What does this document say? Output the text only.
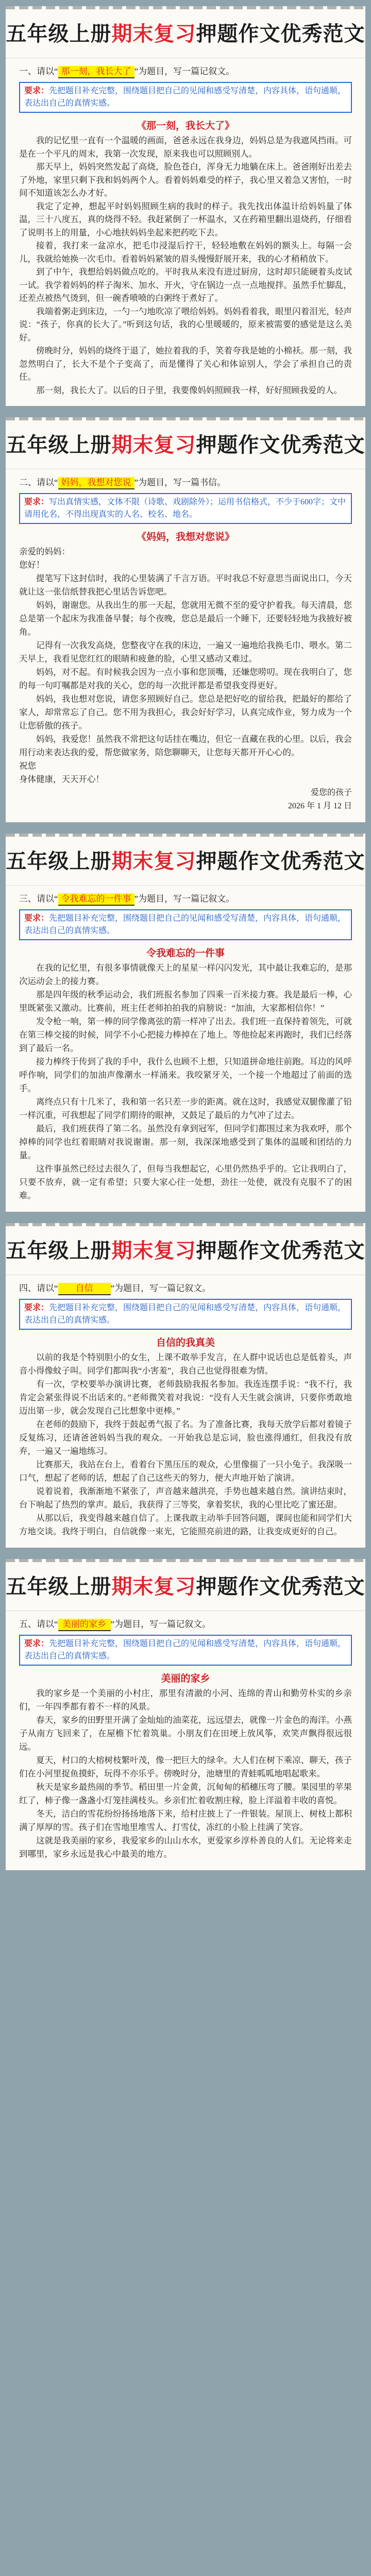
五年级上册 期末复习 押题作文优秀范文
一、请以“ 那一刻，我长大了 ”为题目，写一篇记叙文。
要求：先把题目补充完整，围绕题目把自己的见闻和感受写清楚，内容具体，语句通顺，表达出自己的真情实感。
《那一刻，我长大了》

我的记忆里一直有一个温暖的画面，爸爸永远在我身边，妈妈总是为我遮风挡雨。可是在一个平凡的周末，我第一次发现，原来我也可以照顾别人。

那天早上，妈妈突然发起了高烧，脸色苍白，浑身无力地躺在床上。爸爸刚好出差去了外地，家里只剩下我和妈妈两个人。看着妈妈难受的样子，我心里又着急又害怕，一时间不知道该怎么办才好。

我定了定神，想起平时妈妈照顾生病的我时的样子。我先找出体温计给妈妈量了体温，三十八度五，真的烧得不轻。我赶紧倒了一杯温水，又在药箱里翻出退烧药，仔细看了说明书上的用量，小心地扶妈妈坐起来把药吃下去。

接着，我打来一盆凉水，把毛巾浸湿后拧干，轻轻地敷在妈妈的额头上。每隔一会儿，我就给她换一次毛巾。看着妈妈紧皱的眉头慢慢舒展开来，我的心才稍稍放下。

到了中午，我想给妈妈做点吃的。平时我从来没有进过厨房，这时却只能硬着头皮试一试。我学着妈妈的样子淘米、加水、开火，守在锅边一点一点地搅拌。虽然手忙脚乱，还差点被热气烫到，但一碗香喷喷的白粥终于煮好了。

我端着粥走到床边，一勺一勺地吹凉了喂给妈妈。妈妈看着我，眼里闪着泪光，轻声说：“孩子，你真的长大了。”听到这句话，我的心里暖暖的，原来被需要的感觉是这么美好。

傍晚时分，妈妈的烧终于退了，她拉着我的手，笑着夸我是她的小棉袄。那一刻，我忽然明白了，长大不是个子变高了，而是懂得了关心和体谅别人，学会了承担自己的责任。

那一刻，我长大了。以后的日子里，我要像妈妈照顾我一样，好好照顾我爱的人。

五年级上册 期末复习 押题作文优秀范文
二、请以“ 妈妈，我想对您说 ”为题目，写一篇书信。
要求：写出真情实感，文体不限（诗歌、戏剧除外）；运用书信格式，不少于600字；文中请用化名，不得出现真实的人名、校名、地名。
《妈妈，我想对您说》

亲爱的妈妈：

您好！

提笔写下这封信时，我的心里装满了千言万语。平时我总不好意思当面说出口，今天就让这一张信纸替我把心里话告诉您吧。

妈妈，谢谢您。从我出生的那一天起，您就用无微不至的爱守护着我。每天清晨，您总是第一个起床为我准备早餐；每个夜晚，您总是最后一个睡下，还要轻轻地为我掖好被角。

记得有一次我发高烧，您整夜守在我的床边，一遍又一遍地给我换毛巾、喂水。第二天早上，我看见您红红的眼睛和疲惫的脸，心里又感动又难过。

妈妈，对不起。有时候我会因为一点小事和您顶嘴，还嫌您唠叨。现在我明白了，您的每一句叮嘱都是对我的关心，您的每一次批评都是希望我变得更好。

妈妈，我也想对您说，请您多照顾好自己。您总是把好吃的留给我，把最好的都给了家人，却常常忘了自己。您不用为我担心，我会好好学习，认真完成作业，努力成为一个让您骄傲的孩子。

妈妈，我爱您！虽然我不常把这句话挂在嘴边，但它一直藏在我的心里。以后，我会用行动来表达我的爱，帮您做家务，陪您聊聊天，让您每天都开开心心的。

祝您

身体健康，天天开心！

爱您的孩子
2026 年 1 月 12 日
五年级上册 期末复习 押题作文优秀范文
三、请以“ 令我难忘的一件事 ”为题目，写一篇记叙文。
要求：先把题目补充完整，围绕题目把自己的见闻和感受写清楚，内容具体，语句通顺，表达出自己的真情实感。
令我难忘的一件事

在我的记忆里，有很多事情就像天上的星星一样闪闪发光，其中最让我难忘的，是那次运动会上的接力赛。

那是四年级的秋季运动会，我们班报名参加了四乘一百米接力赛。我是最后一棒，心里既紧张又激动。比赛前，班主任老师拍拍我的肩膀说：“加油，大家都相信你！”

发令枪一响，第一棒的同学像离弦的箭一样冲了出去。我们班一直保持着领先，可就在第三棒交接的时候，同学不小心把接力棒掉在了地上。等他捡起来再跑时，我们已经落到了最后一名。

接力棒终于传到了我的手中，我什么也顾不上想，只知道拼命地往前跑。耳边的风呼呼作响，同学们的加油声像潮水一样涌来。我咬紧牙关，一个接一个地超过了前面的选手。

离终点只有十几米了，我和第一名只差一步的距离。就在这时，我感觉双腿像灌了铅一样沉重，可我想起了同学们期待的眼神，又鼓足了最后的力气冲了过去。

最后，我们班获得了第二名。虽然没有拿到冠军，但同学们都围过来为我欢呼，那个掉棒的同学也红着眼睛对我说谢谢。那一刻，我深深地感受到了集体的温暖和团结的力量。

这件事虽然已经过去很久了，但每当我想起它，心里仍然热乎乎的。它让我明白了，只要不放弃，就一定有希望；只要大家心往一处想，劲往一处使，就没有克服不了的困难。

五年级上册 期末复习 押题作文优秀范文
四、请以“ 自信 ”为题目，写一篇记叙文。
要求：先把题目补充完整，围绕题目把自己的见闻和感受写清楚，内容具体，语句通顺，表达出自己的真情实感。
自信的我真美

以前的我是个特别胆小的女生，上课不敢举手发言，在人群中说话也总是低着头，声音小得像蚊子叫。同学们都叫我“小害羞”，我自己也觉得很难为情。

有一次，学校要举办演讲比赛，老师鼓励我报名参加。我连连摆手说：“我不行，我肯定会紧张得说不出话来的。”老师微笑着对我说：“没有人天生就会演讲，只要你勇敢地迈出第一步，就会发现自己比想象中更棒。”

在老师的鼓励下，我终于鼓起勇气报了名。为了准备比赛，我每天放学后都对着镜子反复练习，还请爸爸妈妈当我的观众。一开始我总是忘词，脸也涨得通红，但我没有放弃，一遍又一遍地练习。

比赛那天，我站在台上，看着台下黑压压的观众，心里像揣了一只小兔子。我深吸一口气，想起了老师的话，想起了自己这些天的努力，便大声地开始了演讲。

说着说着，我渐渐地不紧张了，声音越来越洪亮，手势也越来越自然。演讲结束时，台下响起了热烈的掌声。最后，我获得了三等奖，拿着奖状，我的心里比吃了蜜还甜。

从那以后，我变得越来越自信了。上课我敢主动举手回答问题，课间也能和同学们大方地交谈。我终于明白，自信就像一束光，它能照亮前进的路，让我变成更好的自己。

五年级上册 期末复习 押题作文优秀范文
五、请以“ 美丽的家乡 ”为题目，写一篇记叙文。
要求：先把题目补充完整，围绕题目把自己的见闻和感受写清楚，内容具体，语句通顺，表达出自己的真情实感。
美丽的家乡

我的家乡是一个美丽的小村庄，那里有清澈的小河、连绵的青山和勤劳朴实的乡亲们，一年四季都有着不一样的风景。

春天，家乡的田野里开满了金灿灿的油菜花，远远望去，就像一片金色的海洋。小燕子从南方飞回来了，在屋檐下忙着筑巢。小朋友们在田埂上放风筝，欢笑声飘得很远很远。

夏天，村口的大榕树枝繁叶茂，像一把巨大的绿伞。大人们在树下乘凉、聊天，孩子们在小河里捉鱼摸虾，玩得不亦乐乎。傍晚时分，池塘里的青蛙呱呱地唱起歌来。

秋天是家乡最热闹的季节。稻田里一片金黄，沉甸甸的稻穗压弯了腰。果园里的苹果红了，柿子像一盏盏小灯笼挂满枝头。乡亲们忙着收割庄稼，脸上洋溢着丰收的喜悦。

冬天，洁白的雪花纷纷扬扬地落下来，给村庄披上了一件银装。屋顶上、树枝上都积满了厚厚的雪。孩子们在雪地里堆雪人、打雪仗，冻红的小脸上挂满了笑容。

这就是我美丽的家乡，我爱家乡的山山水水，更爱家乡淳朴善良的人们。无论将来走到哪里，家乡永远是我心中最美的地方。
